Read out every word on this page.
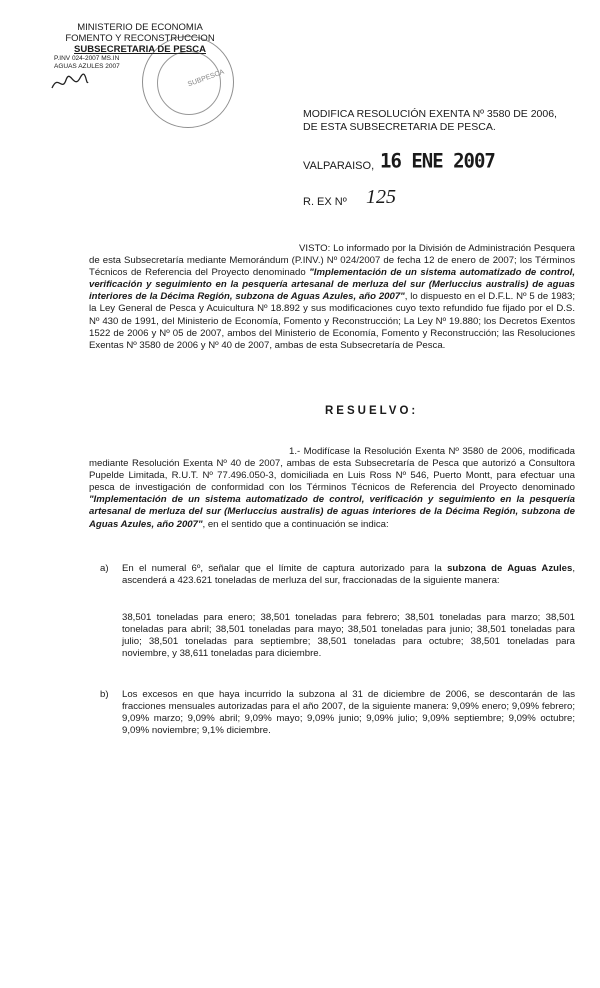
MINISTERIO DE ECONOMIA
FOMENTO Y RECONSTRUCCION
SUBSECRETARIA DE PESCA
P.INV 024-2007 MS.IN
AGUAS AZULES 2007
SUBPESCA
MODIFICA RESOLUCIÓN EXENTA Nº 3580 DE 2006, DE ESTA SUBSECRETARIA DE PESCA.
VALPARAISO, 16 ENE 2007
R. EX Nº 125
VISTO: Lo informado por la División de Administración Pesquera de esta Subsecretaría mediante Memorándum (P.INV.) Nº 024/2007 de fecha 12 de enero de 2007; los Términos Técnicos de Referencia del Proyecto denominado "Implementación de un sistema automatizado de control, verificación y seguimiento en la pesquería artesanal de merluza del sur (Merluccius australis) de aguas interiores de la Décima Región, subzona de Aguas Azules, año 2007", lo dispuesto en el D.F.L. Nº 5 de 1983; la Ley General de Pesca y Acuicultura Nº 18.892 y sus modificaciones cuyo texto refundido fue fijado por el D.S. Nº 430 de 1991, del Ministerio de Economía, Fomento y Reconstrucción; La Ley Nº 19.880; los Decretos Exentos 1522 de 2006 y Nº 05 de 2007, ambos del Ministerio de Economía, Fomento y Reconstrucción; las Resoluciones Exentas Nº 3580 de 2006 y Nº 40 de 2007, ambas de esta Subsecretaría de Pesca.
RESUELVO:
1.- Modifícase la Resolución Exenta Nº 3580 de 2006, modificada mediante Resolución Exenta Nº 40 de 2007, ambas de esta Subsecretaría de Pesca que autorizó a Consultora Pupelde Limitada, R.U.T. Nº 77.496.050-3, domiciliada en Luis Ross Nº 546, Puerto Montt, para efectuar una pesca de investigación de conformidad con los Términos Técnicos de Referencia del Proyecto denominado "Implementación de un sistema automatizado de control, verificación y seguimiento en la pesquería artesanal de merluza del sur (Merluccius australis) de aguas interiores de la Décima Región, subzona de Aguas Azules, año 2007", en el sentido que a continuación se indica:
a) En el numeral 6º, señalar que el límite de captura autorizado para la subzona de Aguas Azules, ascenderá a 423.621 toneladas de merluza del sur, fraccionadas de la siguiente manera:
38,501 toneladas para enero; 38,501 toneladas para febrero; 38,501 toneladas para marzo; 38,501 toneladas para abril; 38,501 toneladas para mayo; 38,501 toneladas para junio; 38,501 toneladas para julio; 38,501 toneladas para septiembre; 38,501 toneladas para octubre; 38,501 toneladas para noviembre, y 38,611 toneladas para diciembre.
b) Los excesos en que haya incurrido la subzona al 31 de diciembre de 2006, se descontarán de las fracciones mensuales autorizadas para el año 2007, de la siguiente manera: 9,09% enero; 9,09% febrero; 9,09% marzo; 9,09% abril; 9,09% mayo; 9,09% junio; 9,09% julio; 9,09% septiembre; 9,09% octubre; 9,09% noviembre; 9,1% diciembre.
